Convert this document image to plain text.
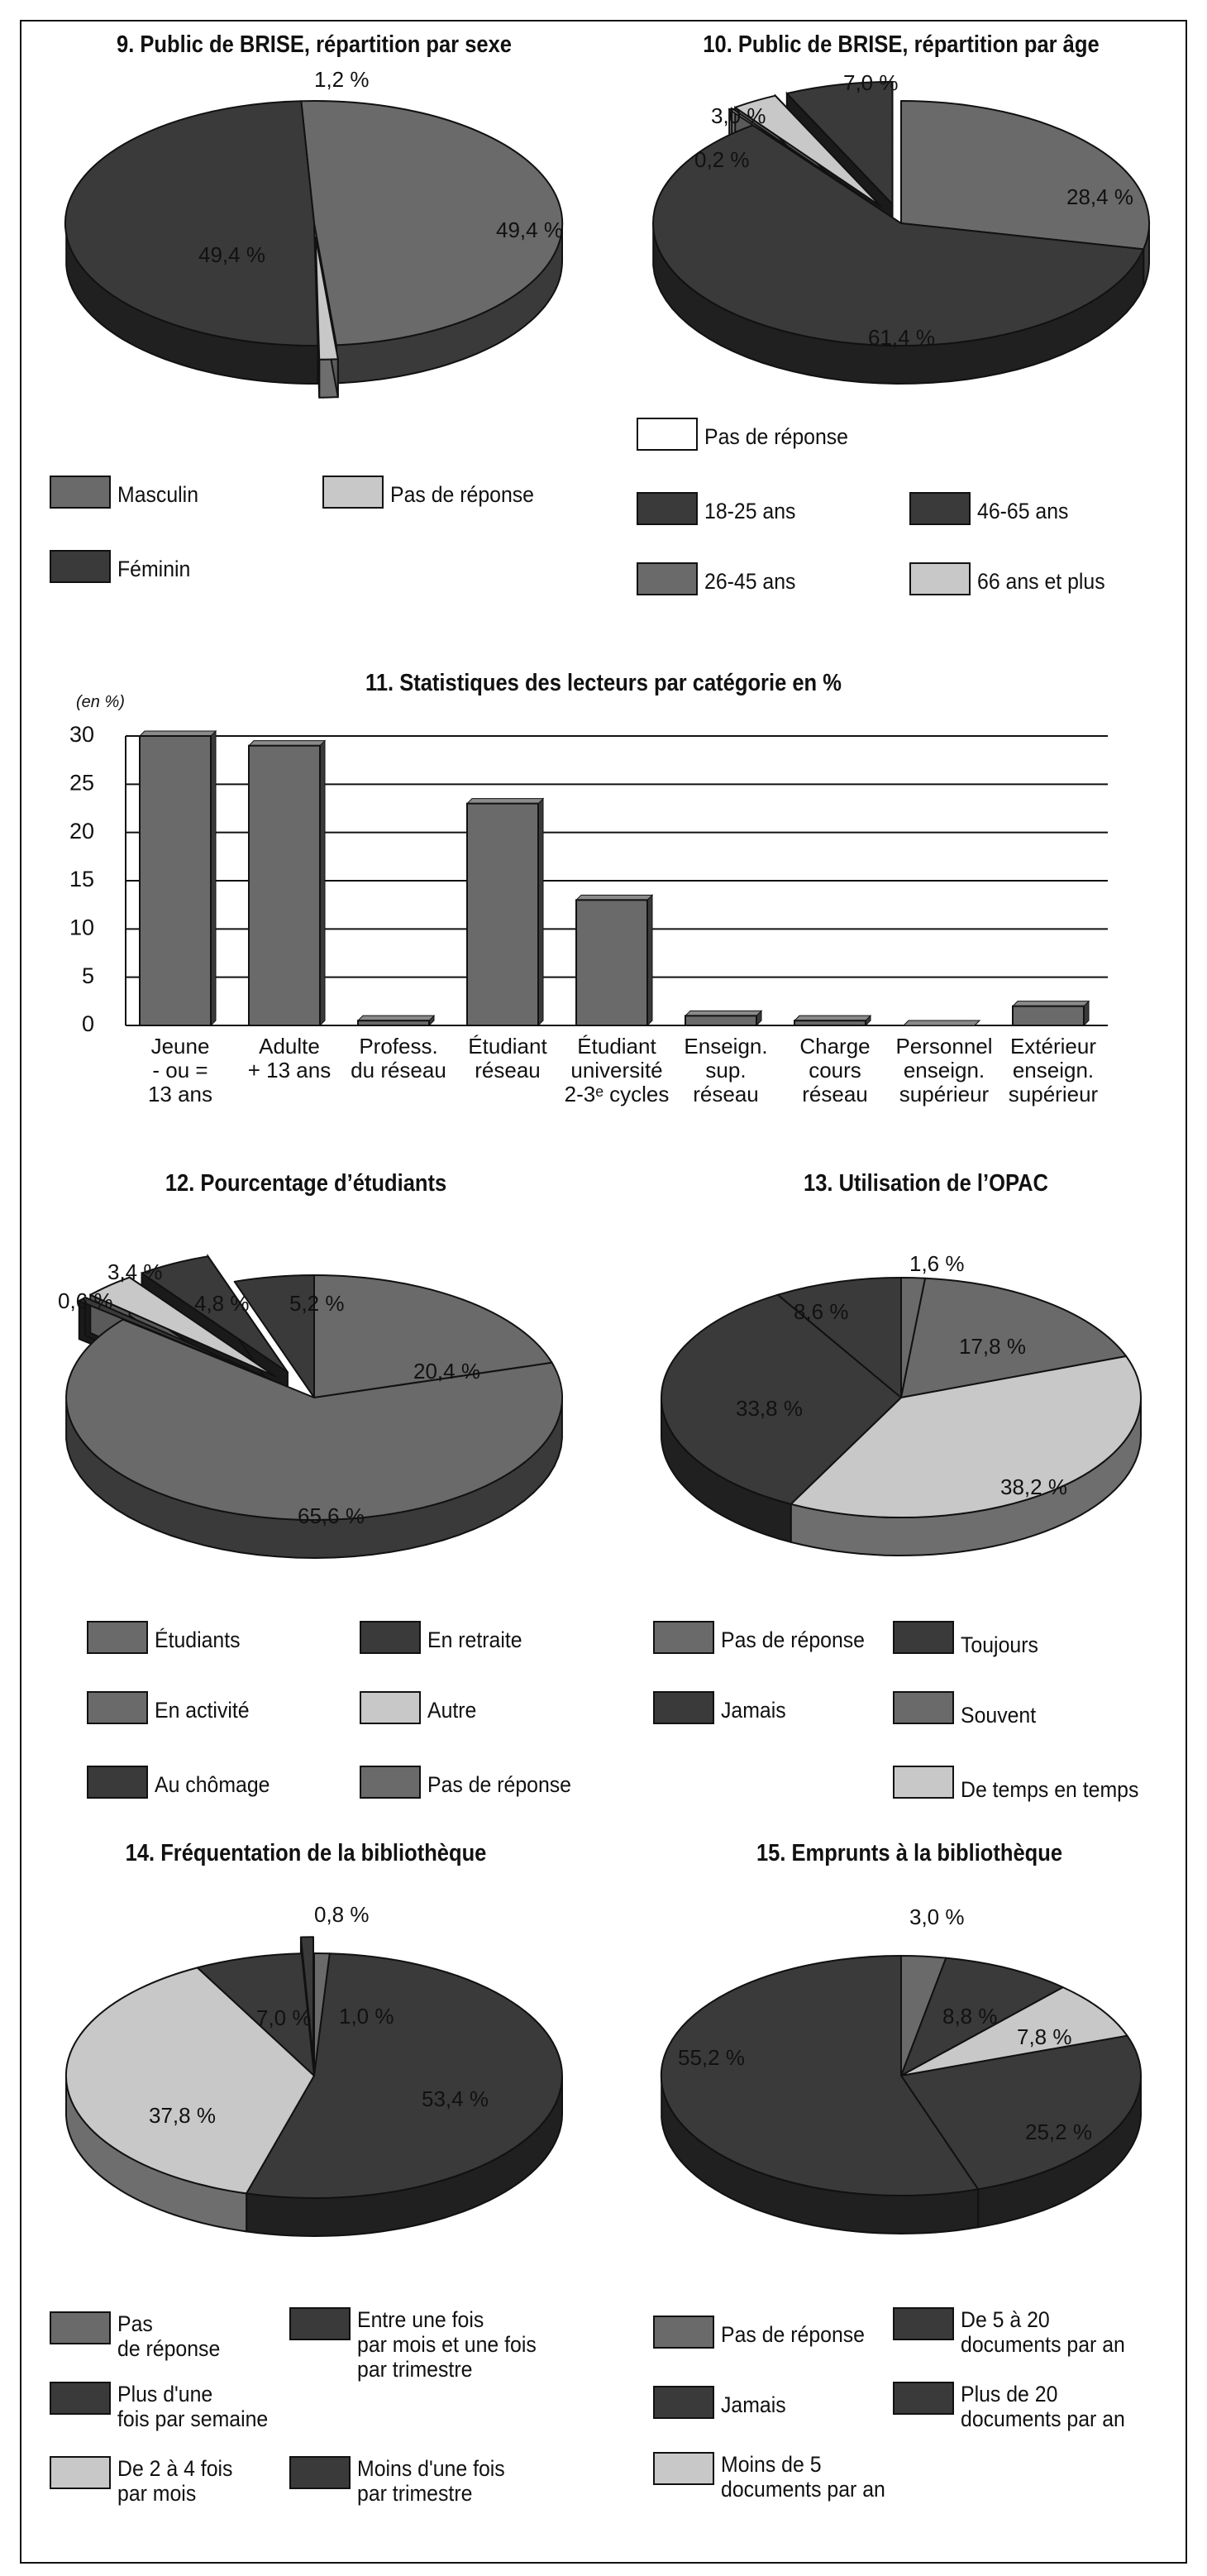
9. Public de BRISE, répartition par sexe	10. Public de BRISE, répartition par âge
11. Statistiques des lecteurs par catégorie en %
12. Pourcentage d’étudiants	13. Utilisation de l’OPAC
14. Fréquentation de la bibliothèque	15. Emprunts à la bibliothèque
49,4 %
1,2 %
49,4 %
28,4 %
61,4 %
0,2 %
3,0 %
7,0 %
20,4 %
65,6 %
0,6 %
3,4 %
4,8 % 5,2 %
1,6 %
17,8 %
38,2 %
33,8 %
8,6 %
1,0 %
53,4 %
37,8 %
7,0 %
0,8 %	3,0 %
8,8 %
7,8 %
25,2 %
55,2 %
(en %)
0
5
10
15
20
25
30
Jeune - ou = 13 ans
Adulte + 13 ans
Profess. du réseau
Étudiant réseau
Étudiant université 2-3ᵉ cycles
Enseign. sup. réseau
Charge cours réseau
Personnel enseign. supérieur
Extérieur enseign. supérieur
Masculin	Pas de réponse
Féminin
Pas de réponse
18-25 ans	46-65 ans
26-45 ans	66 ans et plus
Étudiants	En retraite
En activité	Autre
Au chômage	Pas de réponse
Pas de réponse	Toujours
Jamais	Souvent
De temps en temps
Pas
de réponse
Entre une fois
par mois et une fois
par trimestre
Plus d'une
fois par semaine
De 2 à 4 fois
par mois
Moins d'une fois
par trimestre
Pas de réponse
De 5 à 20
documents par an
Jamais	Plus de 20
documents par an
Moins de 5
documents par an
